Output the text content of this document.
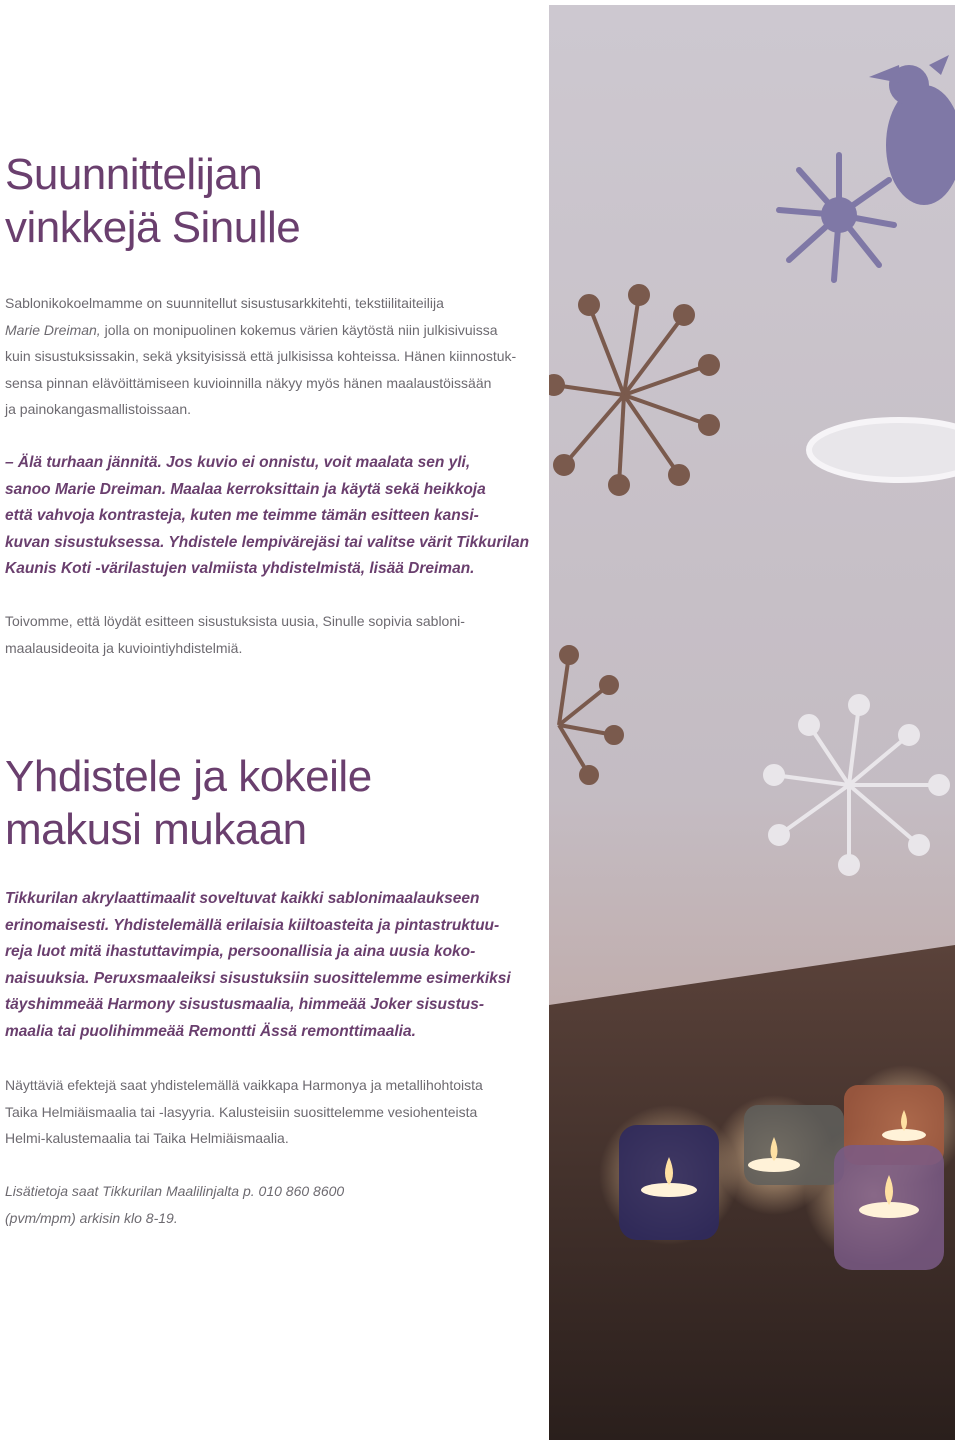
Suunnittelijan
vinkkejä Sinulle

Sablonikokoelmamme on suunnitellut sisustusarkkitehti, tekstiilitaiteilija
Marie Dreiman, jolla on monipuolinen kokemus värien käytöstä niin julkisivuissa
kuin sisustuksissakin, sekä yksityisissä että julkisissa kohteissa. Hänen kiinnostuk-
sensa pinnan elävöittämiseen kuvioinnilla näkyy myös hänen maalaustöissään
ja painokangasmallistoissaan.

– Älä turhaan jännitä. Jos kuvio ei onnistu, voit maalata sen yli,
sanoo Marie Dreiman. Maalaa kerroksittain ja käytä sekä heikkoja
että vahvoja kontrasteja, kuten me teimme tämän esitteen kansi-
kuvan sisustuksessa. Yhdistele lempivärejäsi tai valitse värit Tikkurilan
Kaunis Koti -värilastujen valmiista yhdistelmistä, lisää Dreiman.

Toivomme, että löydät esitteen sisustuksista uusia, Sinulle sopivia sabloni-
maalausideoita ja kuviointiyhdistelmiä.

Yhdistele ja kokeile
makusi mukaan

Tikkurilan akrylaattimaalit soveltuvat kaikki sablonimaalaukseen
erinomaisesti. Yhdistelemällä erilaisia kiiltoasteita ja pintastruktuu-
reja luot mitä ihastuttavimpia, persoonallisia ja aina uusia koko-
naisuuksia. Peruxsmaaleiksi sisustuksiin suosittelemme esimerkiksi
täyshimmeää Harmony sisustusmaalia, himmeää Joker sisustus-
maalia tai puolihimmeää Remontti Ässä remonttimaalia.

Näyttäviä efektejä saat yhdistelemällä vaikkapa Harmonya ja metallihohtoista
Taika Helmiäismaalia tai -lasyyria. Kalusteisiin suosittelemme vesiohenteista
Helmi-kalustemaalia tai Taika Helmiäismaalia.

Lisätietoja saat Tikkurilan Maalilinjalta p. 010 860 8600
(pvm/mpm) arkisin klo 8-19.
